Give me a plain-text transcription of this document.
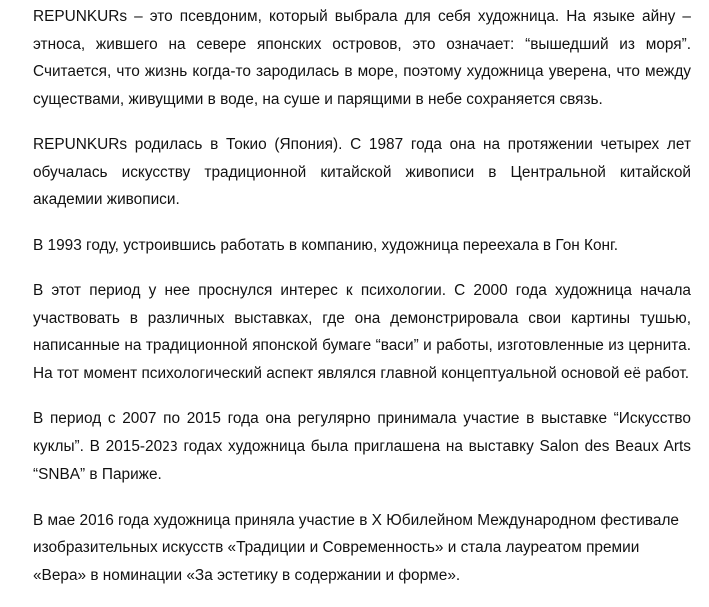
REPUNKURs – это псевдоним, который выбрала для себя художница. На языке айну – этноса, жившего на севере японских островов, это означает: “вышедший из моря”. Считается, что жизнь когда-то зародилась в море, поэтому художница уверена, что между существами, живущими в воде, на суше и парящими в небе сохраняется связь.

REPUNKURs родилась в Токио (Япония). С 1987 года она на протяжении четырех лет обучалась искусству традиционной китайской живописи в Центральной китайской академии живописи.

В 1993 году, устроившись работать в компанию, художница переехала в Гон Конг.

В этот период у нее проснулся интерес к психологии. С 2000 года художница начала участвовать в различных выставках, где она демонстрировала свои картины тушью, написанные на традиционной японской бумаге “васи” и работы, изготовленные из цернита. На тот момент психологический аспект являлся главной концептуальной основой её работ.

В период с 2007 по 2015 года она регулярно принимала участие в выставке “Искусство куклы”. В 2015-2023 годах художница была приглашена на выставку Salon des Beaux Arts “SNBA” в Париже.

В мае 2016 года художница приняла участие в X Юбилейном Международном фестивале изобразительных искусств «Традиции и Современность» и стала лауреатом премии «Вера» в номинации «За эстетику в содержании и форме».
